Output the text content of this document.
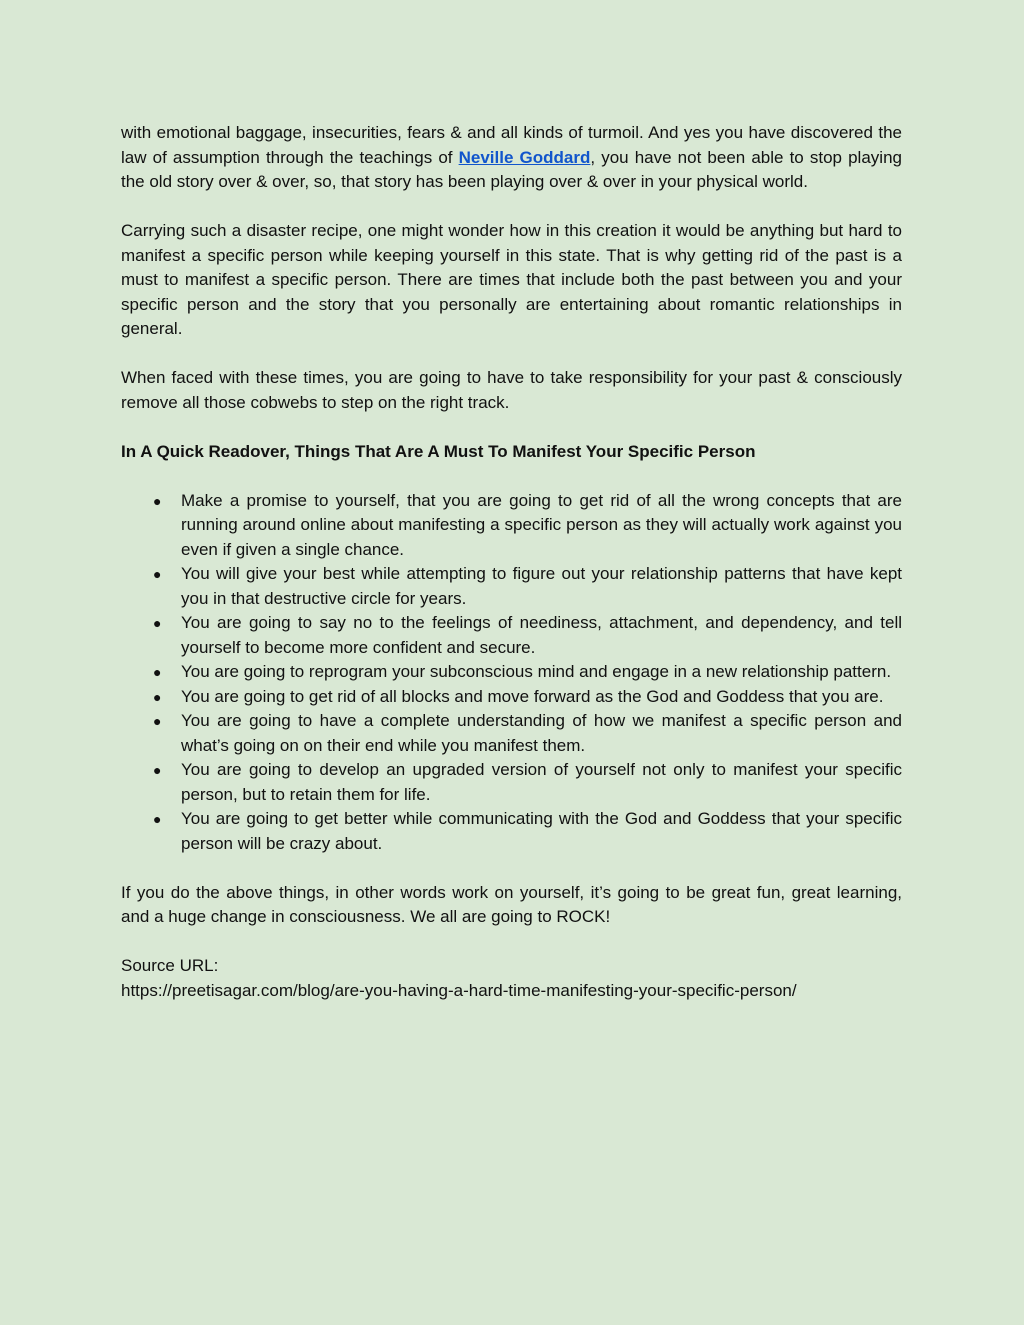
with emotional baggage, insecurities, fears & and all kinds of turmoil. And yes you have discovered the law of assumption through the teachings of Neville Goddard, you have not been able to stop playing the old story over & over, so, that story has been playing over & over in your physical world.

Carrying such a disaster recipe, one might wonder how in this creation it would be anything but hard to manifest a specific person while keeping yourself in this state. That is why getting rid of the past is a must to manifest a specific person. There are times that include both the past between you and your specific person and the story that you personally are entertaining about romantic relationships in general.

When faced with these times, you are going to have to take responsibility for your past & consciously remove all those cobwebs to step on the right track.

In A Quick Readover, Things That Are A Must To Manifest Your Specific Person

● Make a promise to yourself, that you are going to get rid of all the wrong concepts that are running around online about manifesting a specific person as they will actually work against you even if given a single chance.
● You will give your best while attempting to figure out your relationship patterns that have kept you in that destructive circle for years.
● You are going to say no to the feelings of neediness, attachment, and dependency, and tell yourself to become more confident and secure.
● You are going to reprogram your subconscious mind and engage in a new relationship pattern.
● You are going to get rid of all blocks and move forward as the God and Goddess that you are.
● You are going to have a complete understanding of how we manifest a specific person and what’s going on on their end while you manifest them.
● You are going to develop an upgraded version of yourself not only to manifest your specific person, but to retain them for life.
● You are going to get better while communicating with the God and Goddess that your specific person will be crazy about.

If you do the above things, in other words work on yourself, it’s going to be great fun, great learning, and a huge change in consciousness. We all are going to ROCK!

Source URL:
https://preetisagar.com/blog/are-you-having-a-hard-time-manifesting-your-specific-person/
